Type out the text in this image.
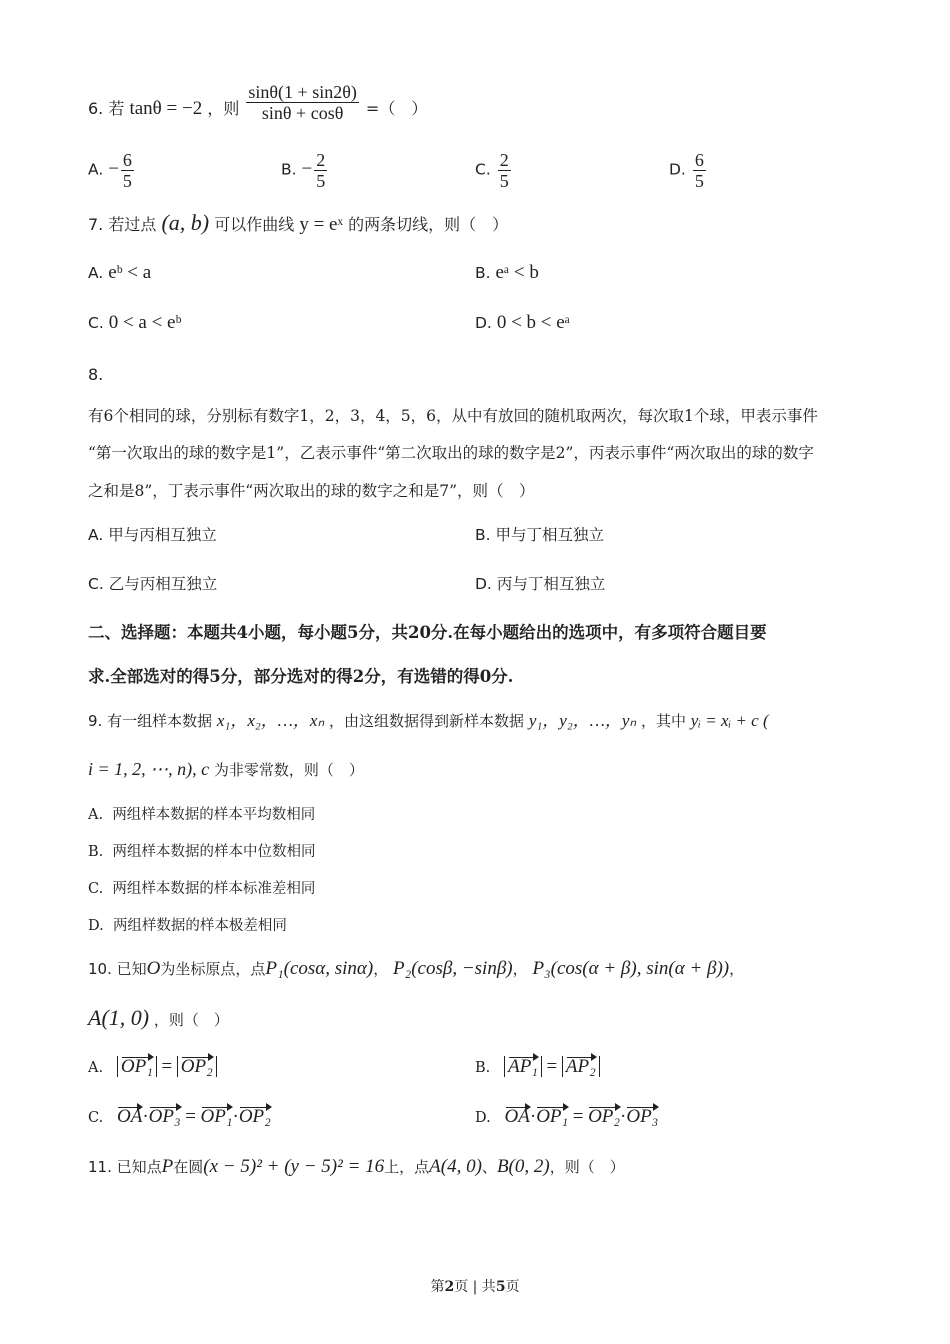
6. 若 tanθ = −2 ，则 $\frac{\sin\theta(1 + \sin 2\theta)}{\sin\theta + \cos\theta}$ =（　）
A. − $\frac{6}{5}$	B. − $\frac{2}{5}$	C. $\frac{2}{5}$	D. $\frac{6}{5}$
7. 若过点 (a, b) 可以作曲线 y = eˣ 的两条切线，则（　）
A. eᵇ < a	B. eᵃ < b
C. 0 < a < eᵇ	D. 0 < b < eᵃ
8.
有6个相同的球，分别标有数字1，2，3，4，5，6，从中有放回的随机取两次，每次取1个球，甲表示事件
“第一次取出的球的数字是1”，乙表示事件“第二次取出的球的数字是2”，丙表示事件“两次取出的球的数字
之和是8”，丁表示事件“两次取出的球的数字之和是7”，则（　）
A. 甲与丙相互独立	B. 甲与丁相互独立
C. 乙与丙相互独立	D. 丙与丁相互独立
二、选择题：本题共4小题，每小题5分，共20分.在每小题给出的选项中，有多项符合题目要
求.全部选对的得5分，部分选对的得2分，有选错的得0分.
9. 有一组样本数据 x₁，x₂，…，xₙ ，由这组数据得到新样本数据 y₁，y₂，…，yₙ ，其中 yᵢ = xᵢ + c (
i = 1, 2, ⋯, n), c 为非零常数，则（　）
A. 两组样本数据的样本平均数相同
B. 两组样本数据的样本中位数相同
C. 两组样本数据的样本标准差相同
D. 两组样数据的样本极差相同
10. 已知O为坐标原点，点P₁(cosα, sinα)， P₂(cosβ, −sinβ)， P₃(cos(α + β), sin(α + β))，
A(1, 0) ，则（　）
A. OP₁ = OP₂	B. AP₁ = AP₂
C. OA·OP₃ = OP₁·OP₂	D. OA·OP₁ = OP₂·OP₃
11. 已知点P在圆(x − 5)² + (y − 5)² = 16上，点A(4, 0)、B(0, 2)，则（　）
第2页 | 共5页
